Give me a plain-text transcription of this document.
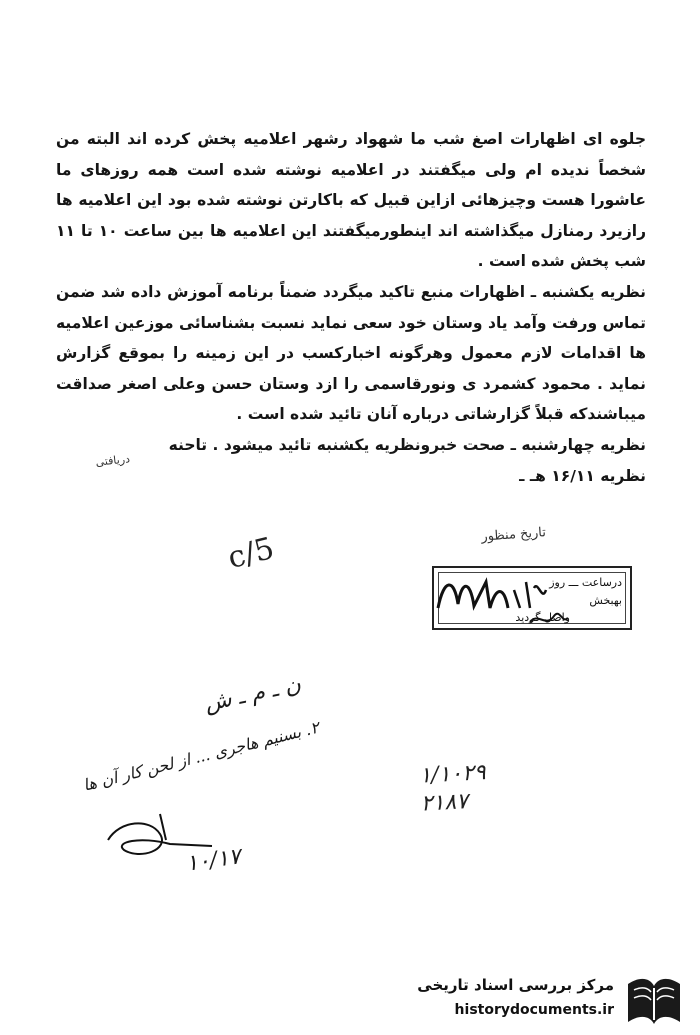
جلوه ای اظهارات اصغ شب ما شهواد رشهر اعلامیه پخش کرده اند البته من شخصاً ندیده ام ولی میگفتند در اعلامیه نوشته شده است همه روزهای ما عاشورا هست وچیزهائی ازاین قبیل که باکارتن نوشته شده بود این اعلامیه ها رازیرد رمنازل میگذاشته اند اینطورمیگفتند این اعلامیه ها بین ساعت ۱۰ تا ۱۱ شب پخش شده است .

نظریه یکشنبه ـ اظهارات منبع تاکید میگردد ضمناً برنامه آموزش داده شد ضمن تماس ورفت وآمد یاد وستان خود سعی نماید نسبت بشناسائی موزعین اعلامیه ها اقدامات لازم معمول وهرگونه اخبارکسب در این زمینه را بموقع گزارش نماید . محمود کشمرد ی ونورقاسمی را ازد وستان حسن وعلی اصغر صداقت میباشندکه قبلاً گزارشاتی درباره آنان تائید شده است .

نظریه چهارشنبه ـ صحت خبرونظریه یکشنبه تائید میشود . تاحنه

نظریه ۱۶/۱۱ هـ ـ

دریافتی
c/5	تاریخ منظور
درساعت ـــ روز
بهبخش
واصل گردید
ن ـ م ـ ش
۲. بسنیم هاجری ... از لحن کار آن ها
۱۰/۱۷
۱/۱۰۲۹
۲۱۸۷
مرکز بررسی اسناد تاریخی
historydocuments.ir
